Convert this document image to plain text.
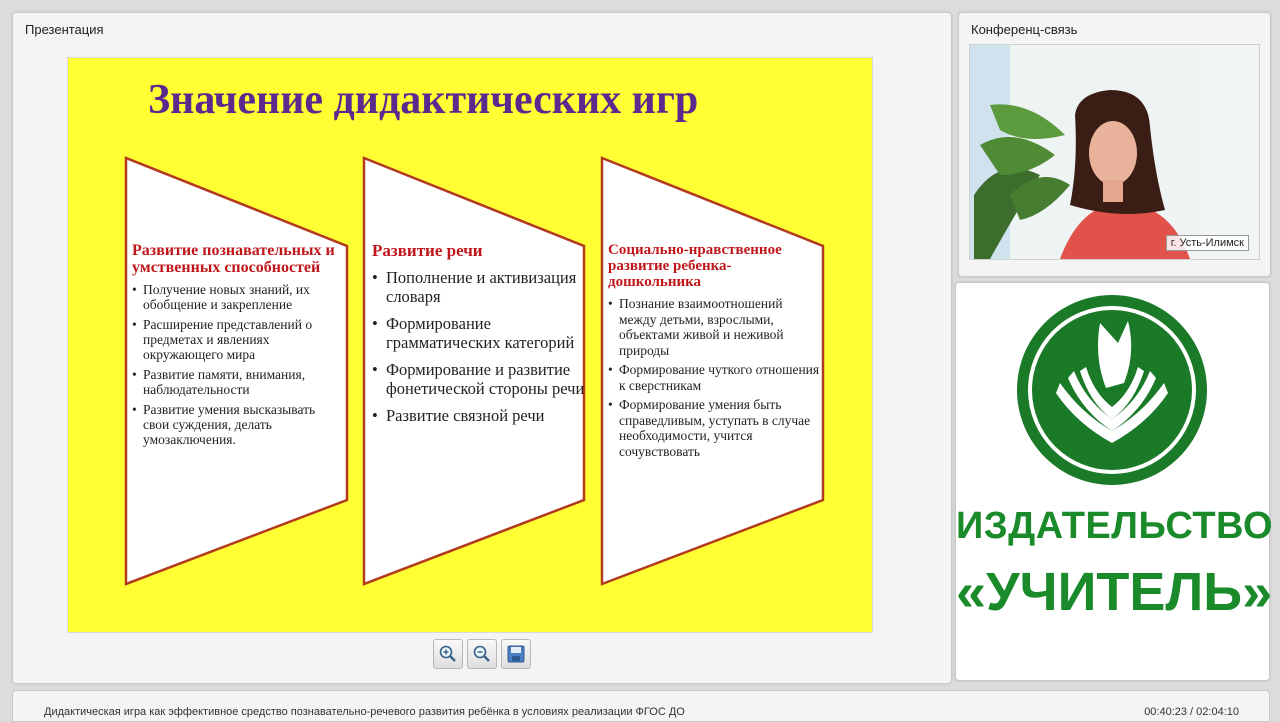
Презентация
Значение дидактических игр
Развитие познавательных и умственных способностей
• Получение новых знаний, их обобщение и закрепление
• Расширение представлений о предметах и явлениях окружающего мира
• Развитие памяти, внимания, наблюдательности
• Развитие умения высказывать свои суждения, делать умозаключения.
Развитие речи
• Пополнение и активизация словаря
• Формирование грамматических категорий
• Формирование и развитие фонетической стороны речи
• Развитие связной речи
Социально-нравственное развитие ребенка-дошкольника
• Познание взаимоотношений между детьми, взрослыми, объектами живой и неживой природы
• Формирование чуткого отношения к сверстникам
• Формирование умения быть справедливым, уступать в случае необходимости, учится сочувствовать
Конференц-связь
г. Усть-Илимск
ИЗДАТЕЛЬСТВО
«УЧИТЕЛЬ»
Дидактическая игра как эффективное средство познавательно-речевого развития ребёнка в условиях реализации ФГОС ДО	00:40:23 / 02:04:10
